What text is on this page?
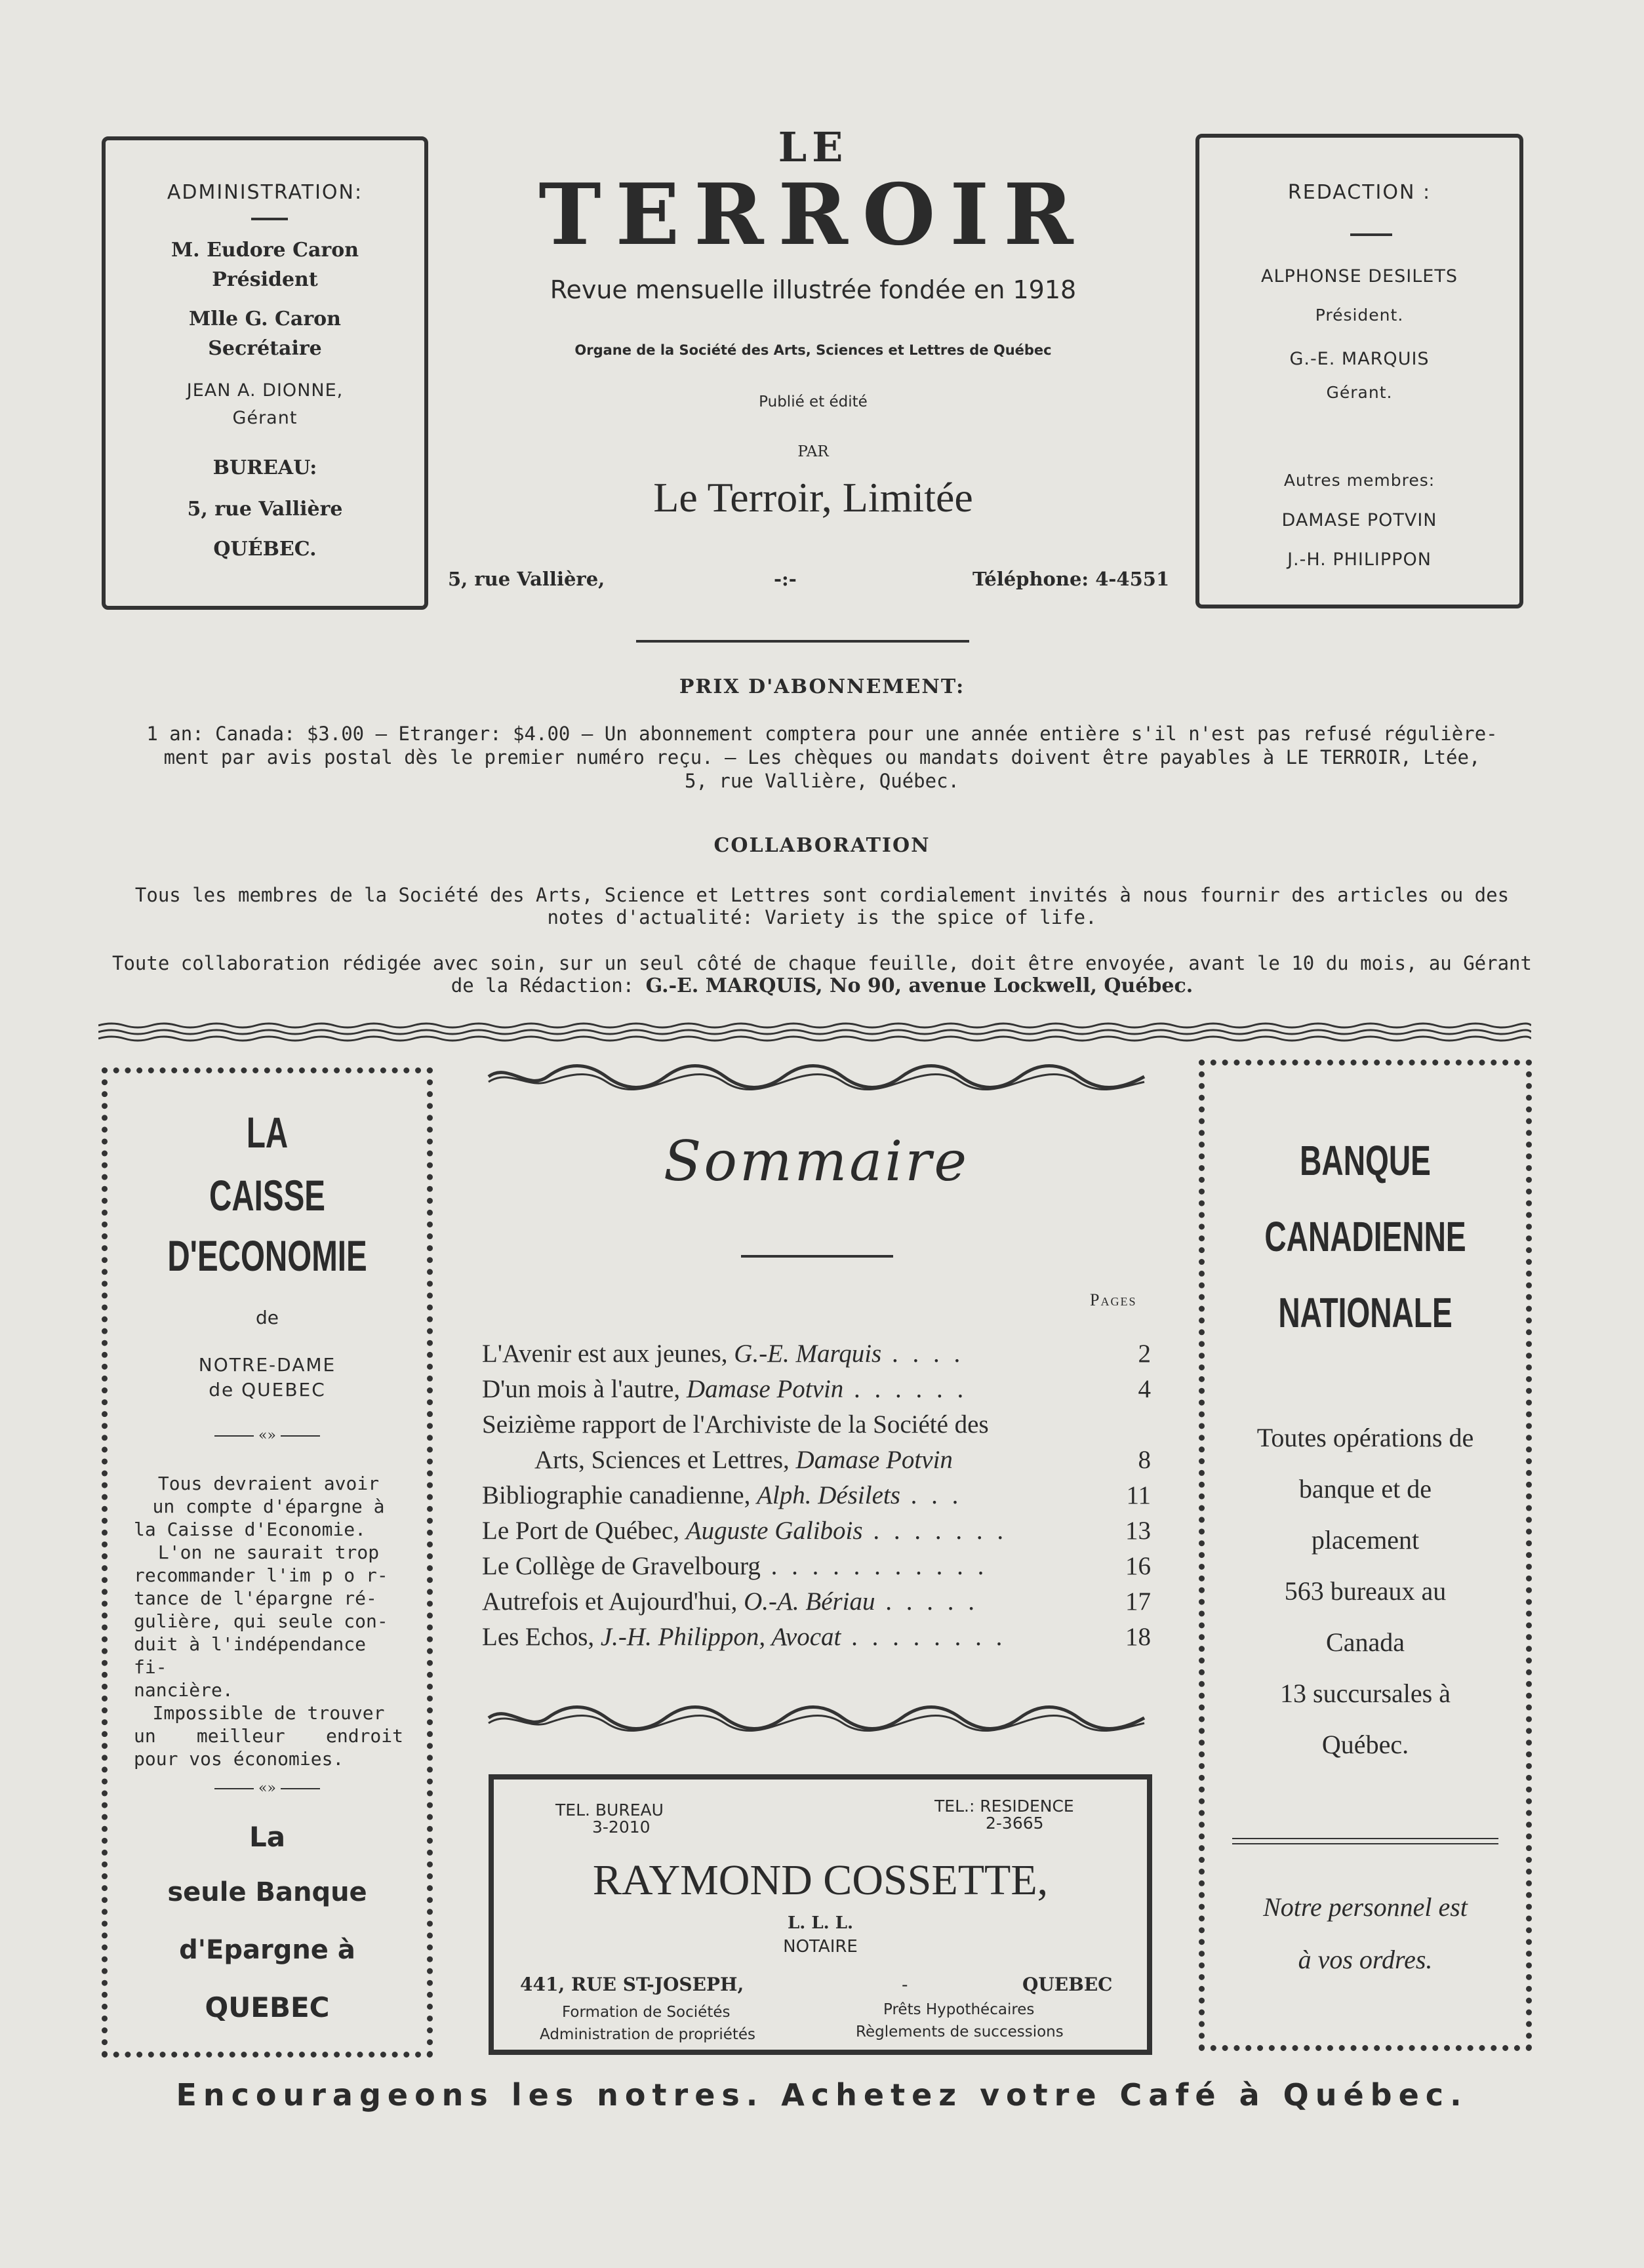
ADMINISTRATION:
M. Eudore Caron
Président
Mlle G. Caron
Secrétaire
JEAN A. DIONNE,
Gérant
BUREAU:
5, rue Vallière
QUÉBEC.
LE
TERROIR
Revue mensuelle illustrée fondée en 1918
Organe de la Société des Arts, Sciences et Lettres de Québec
Publié et édité
PAR
Le Terroir, Limitée
5, rue Vallière,	-:-	Téléphone: 4-4551
REDACTION :
ALPHONSE DESILETS
Président.
G.-E. MARQUIS
Gérant.
Autres membres:
DAMASE POTVIN
J.-H. PHILIPPON
PRIX D'ABONNEMENT:
1 an: Canada: $3.00 — Etranger: $4.00 — Un abonnement comptera pour une année entière s'il n'est pas refusé régulière-
ment par avis postal dès le premier numéro reçu. — Les chèques ou mandats doivent être payables à LE TERROIR, Ltée,
5, rue Vallière, Québec.
COLLABORATION
Tous les membres de la Société des Arts, Science et Lettres sont cordialement invités à nous fournir des articles ou des
notes d'actualité: Variety is the spice of life.
Toute collaboration rédigée avec soin, sur un seul côté de chaque feuille, doit être envoyée, avant le 10 du mois, au Gérant
de la Rédaction: G.-E. MARQUIS, No 90, avenue Lockwell, Québec.
LA
CAISSE
D'ECONOMIE
de
NOTRE-DAME
de QUEBEC
«»
Tous devraient avoir
un compte d'épargne à
la Caisse d'Economie.
L'on ne saurait trop
recommander l'im p o r-
tance de l'épargne ré-
gulière, qui seule con-
duit à l'indépendance fi-
nancière.
Impossible de trouver
un meilleur endroit
pour vos économies.
«»
La
seule Banque
d'Epargne à
QUEBEC
Sommaire
Pages
L'Avenir est aux jeunes, G.-E. Marquis . . . .	2
D'un mois à l'autre, Damase Potvin . . . . . .	4
Seizième rapport de l'Archiviste de la Société des
Arts, Sciences et Lettres, Damase Potvin	8
Bibliographie canadienne, Alph. Désilets . . .	11
Le Port de Québec, Auguste Galibois . . . . . . .	13
Le Collège de Gravelbourg . . . . . . . . . . .	16
Autrefois et Aujourd'hui, O.-A. Bériau . . . . .	17
Les Echos, J.-H. Philippon, Avocat . . . . . . . .	18
TEL. BUREAU
3-2010
TEL.: RESIDENCE
2-3665
RAYMOND COSSETTE,
L. L. L.
NOTAIRE
441, RUE ST-JOSEPH,	-	QUEBEC
Formation de Sociétés
Administration de propriétés
Prêts Hypothécaires
Règlements de successions
BANQUE
CANADIENNE
NATIONALE
Toutes opérations de
banque et de
placement
563 bureaux au
Canada
13 succursales à
Québec.
Notre personnel est
à vos ordres.
Encourageons les notres. Achetez votre Café à Québec.
